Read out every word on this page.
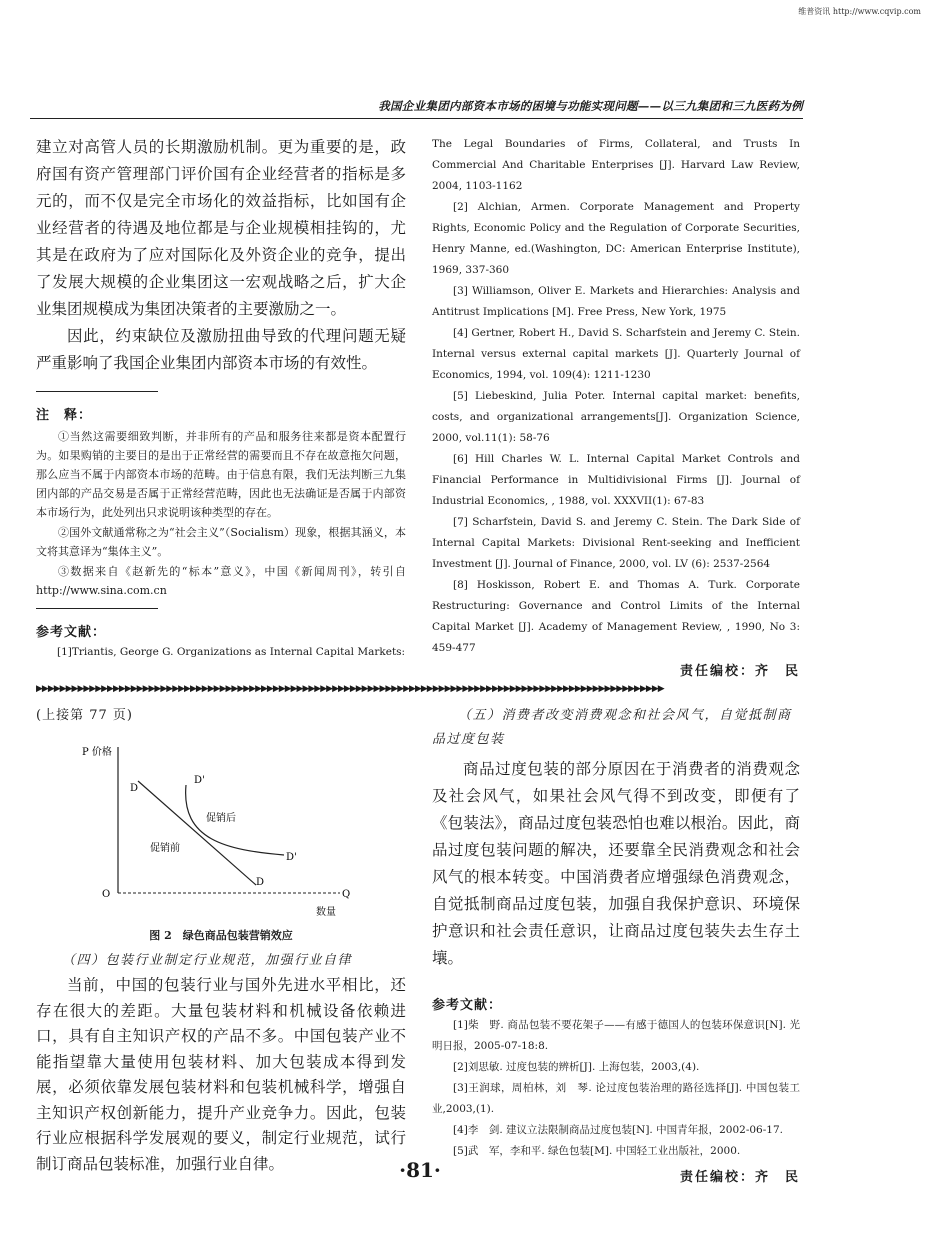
维普资讯 http://www.cqvip.com
我国企业集团内部资本市场的困境与功能实现问题——以三九集团和三九医药为例

建立对高管人员的长期激励机制。更为重要的是，政府国有资产管理部门评价国有企业经营者的指标是多元的，而不仅是完全市场化的效益指标，比如国有企业经营者的待遇及地位都是与企业规模相挂钩的，尤其是在政府为了应对国际化及外资企业的竞争，提出了发展大规模的企业集团这一宏观战略之后，扩大企业集团规模成为集团决策者的主要激励之一。

因此，约束缺位及激励扭曲导致的代理问题无疑严重影响了我国企业集团内部资本市场的有效性。

注　释：

①当然这需要细致判断，并非所有的产品和服务往来都是资本配置行为。如果购销的主要目的是出于正常经营的需要而且不存在故意拖欠问题，那么应当不属于内部资本市场的范畴。由于信息有限，我们无法判断三九集团内部的产品交易是否属于正常经营范畴，因此也无法确证是否属于内部资本市场行为，此处列出只求说明该种类型的存在。

②国外文献通常称之为“社会主义”（Socialism）现象，根据其涵义，本文将其意译为“集体主义”。

③数据来自《赵新先的“标本”意义》，中国《新闻周刊》，转引自 http://www.sina.com.cn

参考文献：

[1]Triantis, George G. Organizations as Internal Capital Markets:

The Legal Boundaries of Firms, Collateral, and Trusts In Commercial And Charitable Enterprises [J]. Harvard Law Review, 2004, 1103-1162

[2] Alchian, Armen. Corporate Management and Property Rights, Economic Policy and the Regulation of Corporate Securities, Henry Manne, ed.(Washington, DC: American Enterprise Institute), 1969, 337-360

[3] Williamson, Oliver E. Markets and Hierarchies: Analysis and Antitrust Implications [M]. Free Press, New York, 1975

[4] Gertner, Robert H., David S. Scharfstein and Jeremy C. Stein. Internal versus external capital markets [J]. Quarterly Journal of Economics, 1994, vol. 109(4): 1211-1230

[5] Liebeskind, Julia Poter. Internal capital market: benefits, costs, and organizational arrangements[J]. Organization Science, 2000, vol.11(1): 58-76

[6] Hill Charles W. L. Internal Capital Market Controls and Financial Performance in Multidivisional Firms [J]. Journal of Industrial Economics, , 1988, vol. XXXVII(1): 67-83

[7] Scharfstein, David S. and Jeremy C. Stein. The Dark Side of Internal Capital Markets: Divisional Rent-seeking and Inefficient Investment [J]. Journal of Finance, 2000, vol. LV (6): 2537-2564

[8] Hoskisson, Robert E. and Thomas A. Turk. Corporate Restructuring: Governance and Control Limits of the Internal Capital Market [J]. Academy of Management Review, , 1990, No 3: 459-477

责任编校：齐　民
▶▶▶▶▶▶▶▶▶▶▶▶▶▶▶▶▶▶▶▶▶▶▶▶▶▶▶▶▶▶▶▶▶▶▶▶▶▶▶▶▶▶▶▶▶▶▶▶▶▶▶▶▶▶▶▶▶▶▶▶▶▶▶▶▶▶▶▶▶▶▶▶▶▶▶▶▶▶▶▶▶▶▶▶▶▶▶▶▶▶▶▶▶▶▶▶▶▶▶▶▶▶▶▶▶▶
(上接第 77 页)
P 价格
D
D'
促销后
促销前
D'
D
O	Q
数量
图 2　绿色商品包装营销效应
（四）包装行业制定行业规范，加强行业自律

当前，中国的包装行业与国外先进水平相比，还存在很大的差距。大量包装材料和机械设备依赖进口，具有自主知识产权的产品不多。中国包装产业不能指望靠大量使用包装材料、加大包装成本得到发展，必须依靠发展包装材料和包装机械科学，增强自主知识产权创新能力，提升产业竞争力。因此，包装行业应根据科学发展观的要义，制定行业规范，试行制订商品包装标准，加强行业自律。

（五）消费者改变消费观念和社会风气，自觉抵制商品过度包装

商品过度包装的部分原因在于消费者的消费观念及社会风气，如果社会风气得不到改变，即便有了《包装法》，商品过度包装恐怕也难以根治。因此，商品过度包装问题的解决，还要靠全民消费观念和社会风气的根本转变。中国消费者应增强绿色消费观念，自觉抵制商品过度包装，加强自我保护意识、环境保护意识和社会责任意识，让商品过度包装失去生存土壤。

参考文献：

[1]柴　野. 商品包装不要花架子——有感于德国人的包装环保意识[N]. 光明日报，2005-07-18:8.

[2]刘思敏. 过度包装的辨析[J]. 上海包装，2003,(4).

[3]王润球，周柏林，刘　琴. 论过度包装治理的路径选择[J]. 中国包装工业,2003,(1).

[4]李　剑. 建议立法限制商品过度包装[N]. 中国青年报，2002-06-17.

[5]武　军，李和平. 绿色包装[M]. 中国轻工业出版社，2000.

责任编校：齐　民
·81·
